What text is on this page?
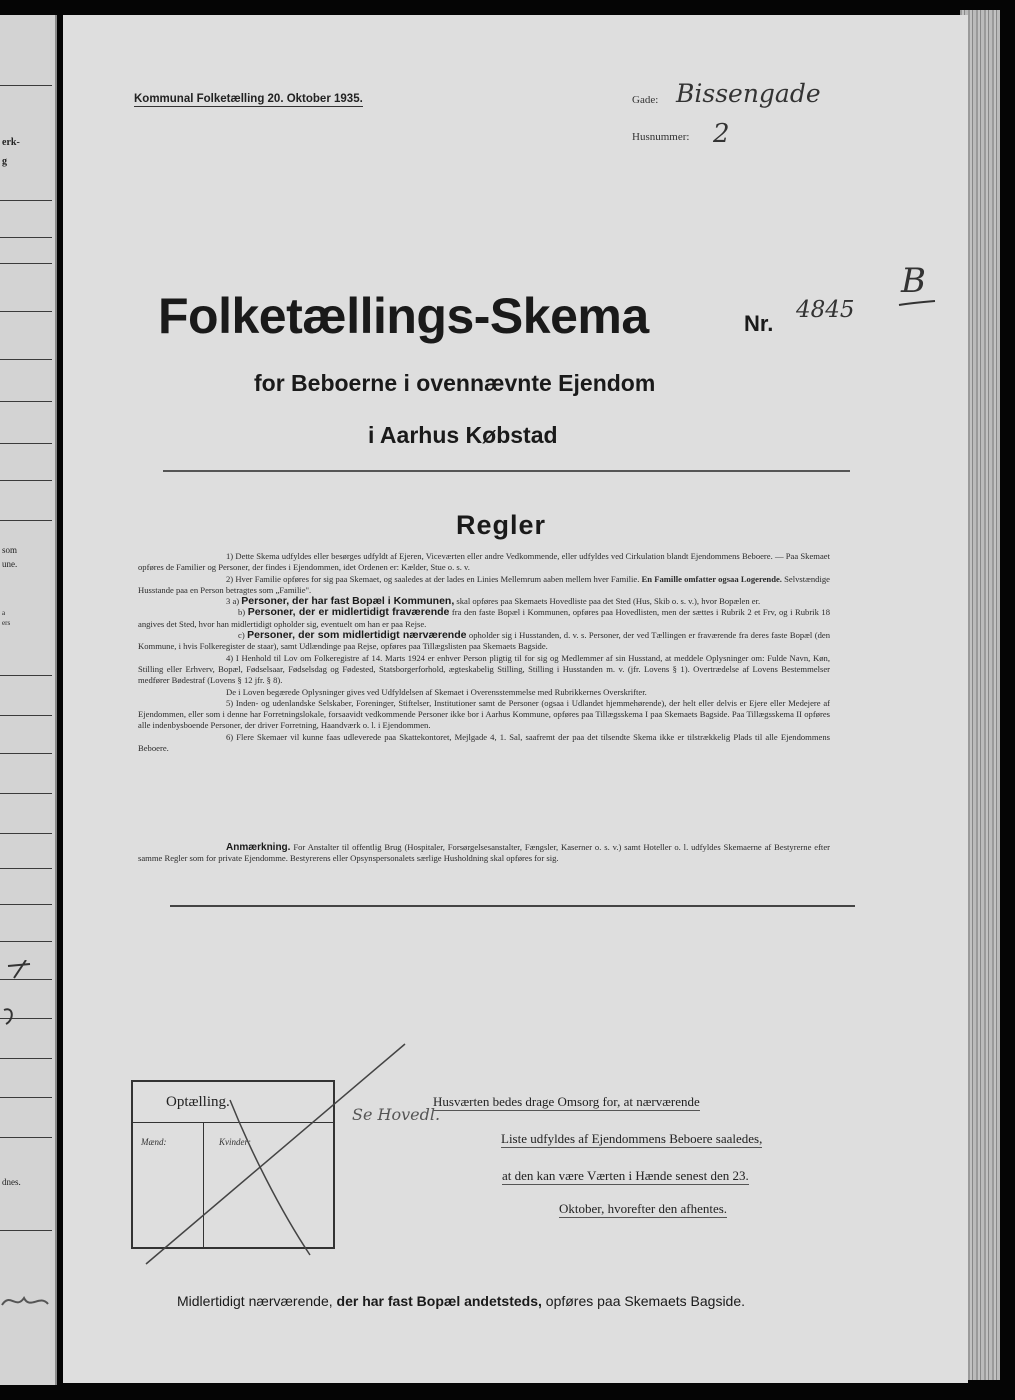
erk-
g
som
une.
a
ers
dnes.
Kommunal Folketælling 20. Oktober 1935.	Gade: Bissengade
Husnummer: 2
Folketællings-Skema	Nr.
4845
B
for Beboerne i ovennævnte Ejendom
i Aarhus Købstad
Regler

1) Dette Skema udfyldes eller besørges udfyldt af Ejeren, Viceværten eller andre Vedkommende, eller udfyldes ved Cirkulation blandt Ejendommens Beboere. — Paa Skemaet opføres de Familier og Personer, der findes i Ejendommen, idet Ordenen er: Kælder, Stue o. s. v.

2) Hver Familie opføres for sig paa Skemaet, og saaledes at der lades en Linies Mellemrum aaben mellem hver Familie. En Famille omfatter ogsaa Logerende. Selvstændige Husstande paa en Person betragtes som „Familie".

3 a) Personer, der har fast Bopæl i Kommunen, skal opføres paa Skemaets Hovedliste paa det Sted (Hus, Skib o. s. v.), hvor Bopælen er.

b) Personer, der er midlertidigt fraværende fra den faste Bopæl i Kommunen, opføres paa Hovedlisten, men der sættes i Rubrik 2 et Frv, og i Rubrik 18 angives det Sted, hvor han midlertidigt opholder sig, eventuelt om han er paa Rejse.

c) Personer, der som midlertidigt nærværende opholder sig i Husstanden, d. v. s. Personer, der ved Tællingen er fraværende fra deres faste Bopæl (den Kommune, i hvis Folkeregister de staar), samt Udlændinge paa Rejse, opføres paa Tillægslisten paa Skemaets Bagside.

4) I Henhold til Lov om Folkeregistre af 14. Marts 1924 er enhver Person pligtig til for sig og Medlemmer af sin Husstand, at meddele Oplysninger om: Fulde Navn, Køn, Stilling eller Erhverv, Bopæl, Fødselsaar, Fødselsdag og Fødested, Statsborgerforhold, ægteskabelig Stilling, Stilling i Husstanden m. v. (jfr. Lovens § 1). Overtrædelse af Lovens Bestemmelser medfører Bødestraf (Lovens § 12 jfr. § 8).

De i Loven begærede Oplysninger gives ved Udfyldelsen af Skemaet i Overensstemmelse med Rubrikkernes Overskrifter.

5) Inden- og udenlandske Selskaber, Foreninger, Stiftelser, Institutioner samt de Personer (ogsaa i Udlandet hjemmehørende), der helt eller delvis er Ejere eller Medejere af Ejendommen, eller som i denne har Forretningslokale, forsaavidt vedkommende Personer ikke bor i Aarhus Kommune, opføres paa Tillægsskema I paa Skemaets Bagside. Paa Tillægsskema II opføres alle indenbysboende Personer, der driver Forretning, Haandværk o. l. i Ejendommen.

6) Flere Skemaer vil kunne faas udleverede paa Skattekontoret, Mejlgade 4, 1. Sal, saafremt der paa det tilsendte Skema ikke er tilstrækkelig Plads til alle Ejendommens Beboere.

Anmærkning. For Anstalter til offentlig Brug (Hospitaler, Forsørgelsesanstalter, Fængsler, Kaserner o. s. v.) samt Hoteller o. l. udfyldes Skemaerne af Bestyrerne efter samme Regler som for private Ejendomme. Bestyrerens eller Opsynspersonalets særlige Husholdning skal opføres for sig.
Optælling.
Mænd:	Kvinder:
Se Hovedl.
Husværten bedes drage Omsorg for, at nærværende
Liste udfyldes af Ejendommens Beboere saaledes,
at den kan være Værten i Hænde senest den 23.
Oktober, hvorefter den afhentes.
Midlertidigt nærværende, der har fast Bopæl andetsteds, opføres paa Skemaets Bagside.
